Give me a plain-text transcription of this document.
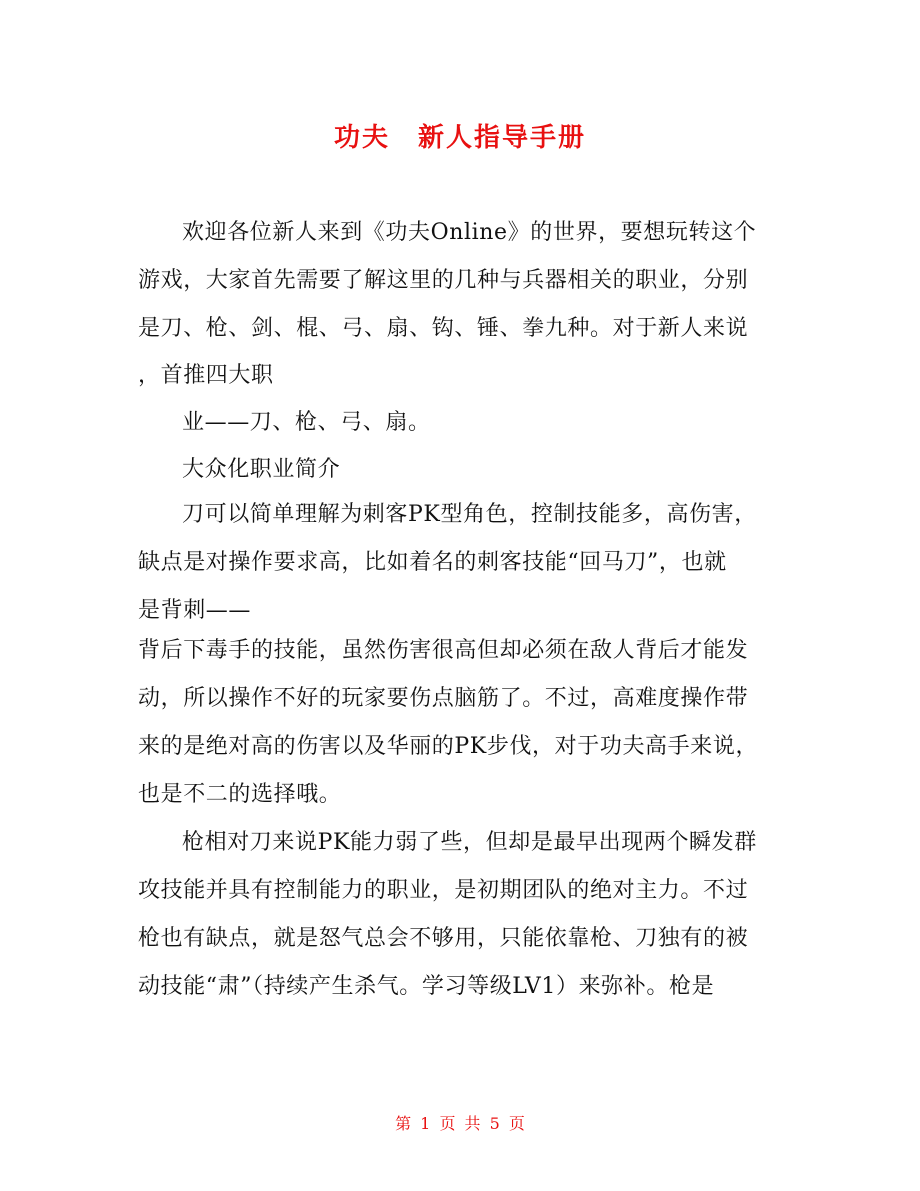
功夫　新人指导手册
欢迎各位新人来到《功夫Online》的世界，要想玩转这个
游戏，大家首先需要了解这里的几种与兵器相关的职业，分别
是刀、枪、剑、棍、弓、扇、钩、锤、拳九种。对于新人来说
，首推四大职
业——刀、枪、弓、扇。
大众化职业简介
刀可以简单理解为刺客PK型角色，控制技能多，高伤害，
缺点是对操作要求高，比如着名的刺客技能“回马刀”，也就
是背刺——
背后下毒手的技能，虽然伤害很高但却必须在敌人背后才能发
动，所以操作不好的玩家要伤点脑筋了。不过，高难度操作带
来的是绝对高的伤害以及华丽的PK步伐，对于功夫高手来说，
也是不二的选择哦。
枪相对刀来说PK能力弱了些，但却是最早出现两个瞬发群
攻技能并具有控制能力的职业，是初期团队的绝对主力。不过
枪也有缺点，就是怒气总会不够用，只能依靠枪、刀独有的被
动技能“肃”（持续产生杀气。学习等级LV1）来弥补。枪是
第 1 页 共 5 页
